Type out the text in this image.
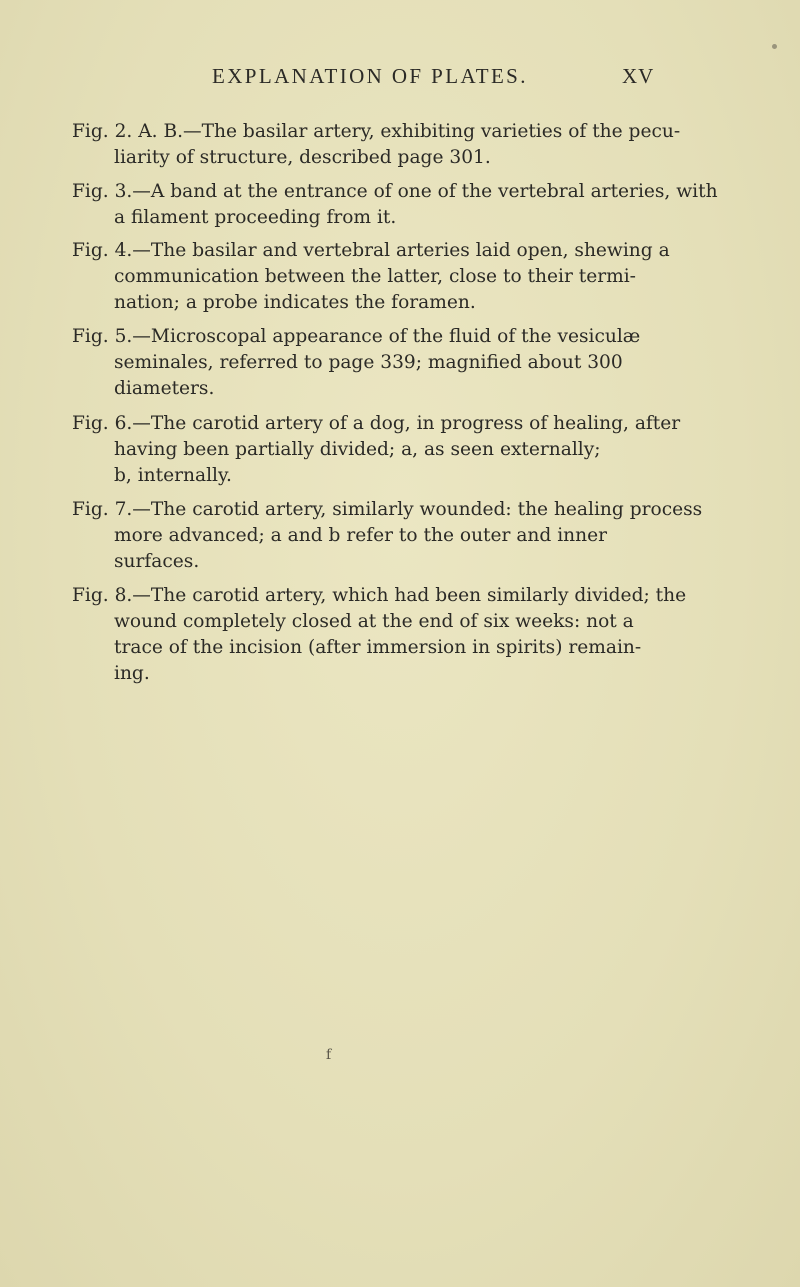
EXPLANATION OF PLATES.	XV
Fig. 2. A. B.—The basilar artery, exhibiting varieties of the pecu-
liarity of structure, described page 301.
Fig. 3.—A band at the entrance of one of the vertebral arteries, with
a filament proceeding from it.
Fig. 4.—The basilar and vertebral arteries laid open, shewing a
communication between the latter, close to their termi-
nation; a probe indicates the foramen.
Fig. 5.—Microscopal appearance of the fluid of the vesiculæ
seminales, referred to page 339; magnified about 300
diameters.
Fig. 6.—The carotid artery of a dog, in progress of healing, after
having been partially divided; a, as seen externally;
b, internally.
Fig. 7.—The carotid artery, similarly wounded: the healing process
more advanced; a and b refer to the outer and inner
surfaces.
Fig. 8.—The carotid artery, which had been similarly divided; the
wound completely closed at the end of six weeks: not a
trace of the incision (after immersion in spirits) remain-
ing.
f
